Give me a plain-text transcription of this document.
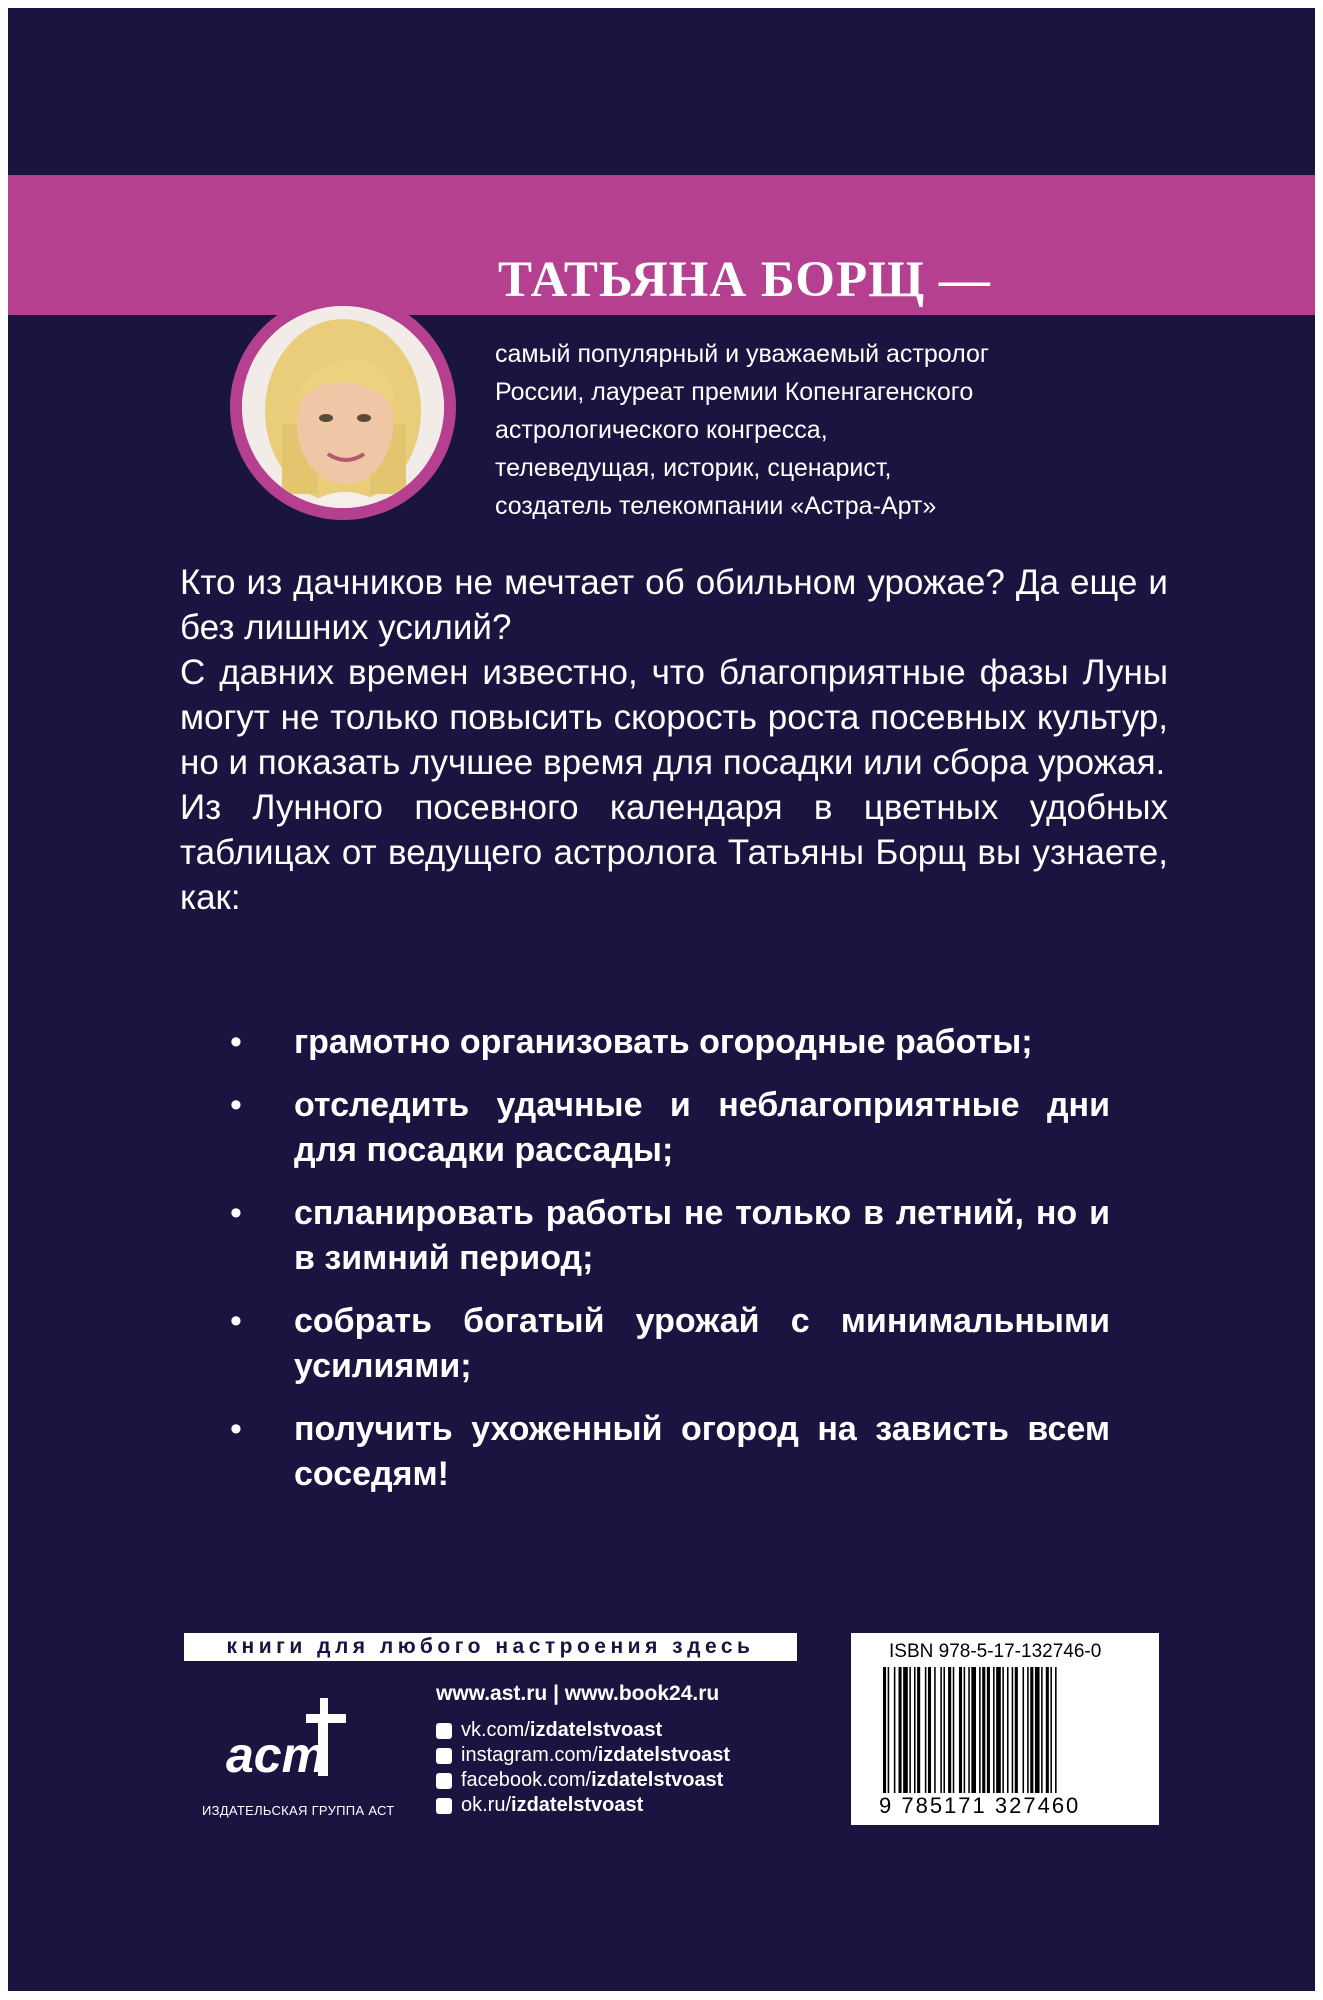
ТАТЬЯНА БОРЩ —
самый популярный и уважаемый астролог
России, лауреат премии Копенгагенского
астрологического конгресса,
телеведущая, историк, сценарист,
создатель телекомпании «Астра-Арт»

Кто из дачников не мечтает об обильном урожае? Да еще и без лишних усилий?

С давних времен известно, что благоприятные фазы Луны могут не только повысить скорость роста посевных культур, но и показать лучшее время для посадки или сбора урожая.

Из Лунного посевного календаря в цветных удобных таблицах от ведущего астролога Татьяны Борщ вы узнаете, как:

• грамотно организовать огородные работы;
• отследить удачные и неблагоприятные дни для посадки рассады;
• спланировать работы не только в летний, но и в зимний период;
• собрать богатый урожай с минимальными усилиями;
• получить ухоженный огород на зависть всем соседям!
книги для любого настроения здесь
аст
ИЗДАТЕЛЬСКАЯ ГРУППА АСТ
www.ast.ru | www.book24.ru
vk.com/ izdatelstvoast
instagram.com/ izdatelstvoast
facebook.com/ izdatelstvoast
ok.ru/ izdatelstvoast
ISBN 978-5-17-132746-0
9 785171 327460
